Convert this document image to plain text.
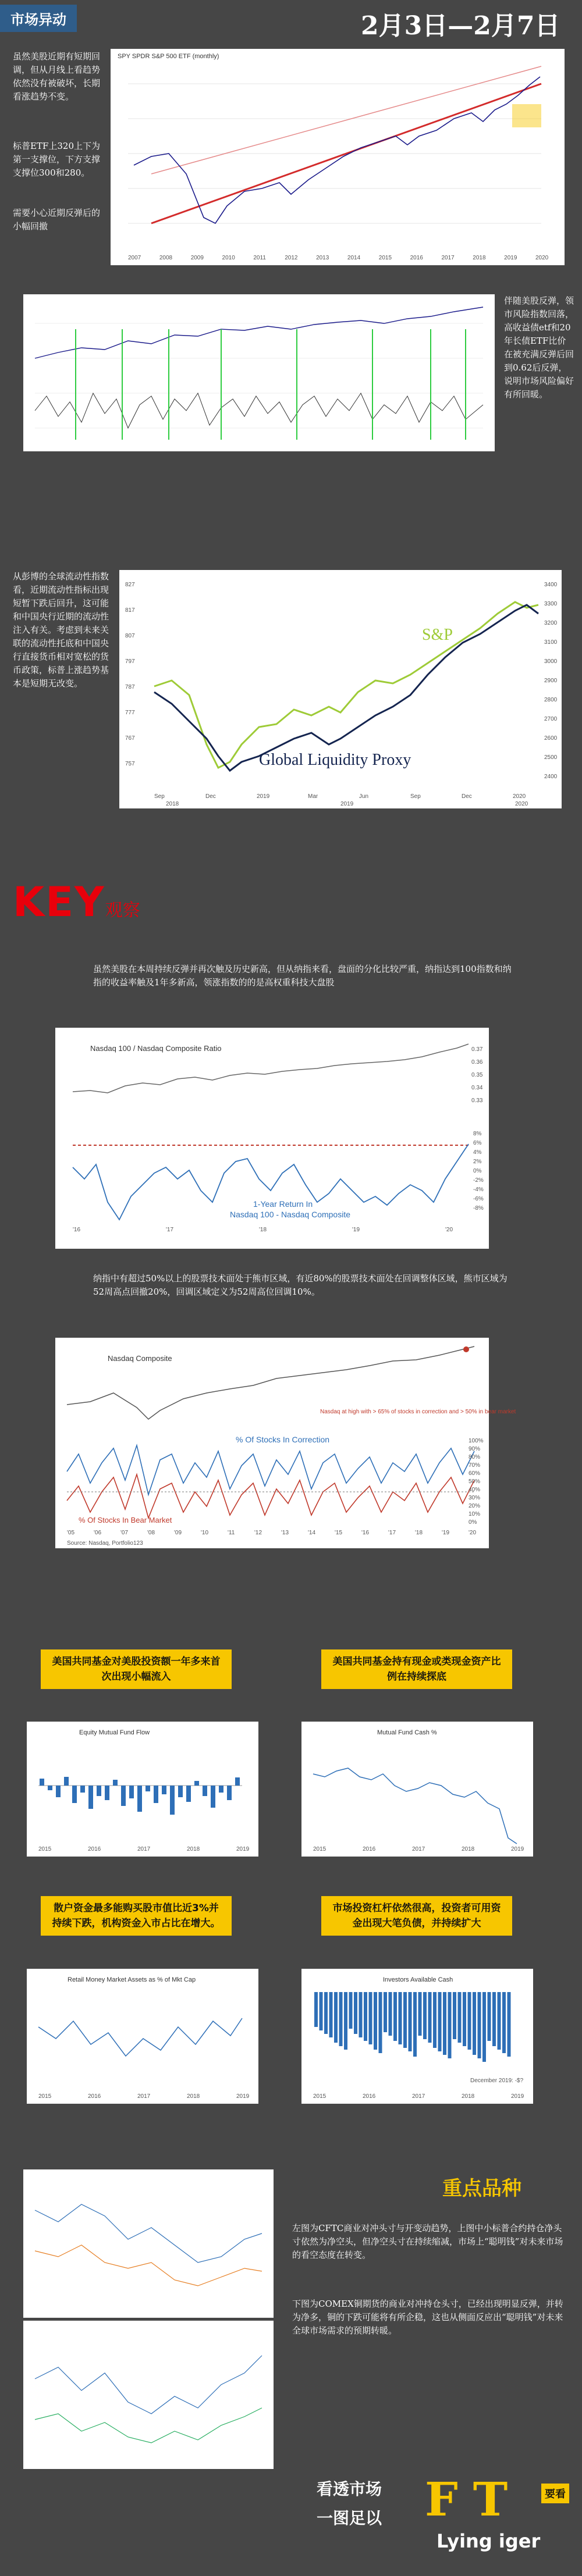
市场异动	2月3日—2月7日
虽然美股近期有短期回调，但从月线上看趋势依然没有被破坏，长期看涨趋势不变。
标普ETF上320上下为第一支撑位，下方支撑支撑位300和280。
需要小心近期反弹后的小幅回撤
SPY SPDR S&P 500 ETF (monthly)
2007	2008	2009	2010	2011	2012	2013	2014	2015	2016	2017	2018	2019	2020
伴随美股反弹，领市风险指数回落，高收益债etf和20年长债ETF比价在被充满反弹后回到0.62后反弹，说明市场风险偏好有所回暖。
从彭博的全球流动性指数看，近期流动性指标出现短暂下跌后回升，这可能和中国央行近期的流动性注入有关。考虑到未来关联的流动性托底和中国央行直接货币相对宽松的货币政策，标普上涨趋势基本是短期无改变。
827
817
807
797
787
777
767
757
3400
3300
3200
3100
3000
2900
2800
2700
2600
2500
2400
Sep	Dec	2019	Mar	Jun	Sep	Dec	2020
2018	2019	2020
S&P
Global Liquidity Proxy
KEY观察
虽然美股在本周持续反弹并再次触及历史新高，但从纳指来看，盘面的分化比较严重，纳指达到100指数和纳指的收益率触及1年多新高，领涨指数的的是高权重科技大盘股
Nasdaq 100 / Nasdaq Composite Ratio
1-Year Return In
Nasdaq 100 - Nasdaq Composite
'16	'17	'18	'19	'20
0.37
0.36
0.35
0.34
0.33
8%
6%
4%
2%
0%
-2%
-4%
-6%
-8%
纳指中有超过50%以上的股票技术面处于熊市区域，有近80%的股票技术面处在回调整体区域，熊市区域为52周高点回撤20%，回调区域定义为52周高位回调10%。
Nasdaq Composite
Nasdaq at high with > 65% of stocks in correction and > 50% in bear market
% Of Stocks In Correction
% Of Stocks In Bear Market
'05	'06	'07	'08	'09	'10	'11	'12	'13	'14	'15	'16	'17	'18	'19	'20
100%
90%
80%
70%
60%
50%
40%
30%
20%
10%
0%
Source: Nasdaq, Portfolio123
美国共同基金对美股投资额一年多来首次出现小幅流入
美国共同基金持有现金或类现金资产比例在持续探底
Equity Mutual Fund Flow
2015	2016	2017	2018	2019
Mutual Fund Cash %
2015	2016	2017	2018	2019
散户资金最多能购买股市值比近3%并持续下跌，机构资金入市占比在增大。
市场投资杠杆依然很高，投资者可用资金出现大笔负债，并持续扩大
Retail Money Market Assets as % of Mkt Cap
2015	2016	2017	2018	2019
Investors Available Cash
December 2019: -$?
2015	2016	2017	2018	2019
重点品种
左图为CFTC商业对冲头寸与开变动趋势，上图中小标普合约持仓净头寸依然为净空头，但净空头寸在持续缩减，市场上“聪明钱”对未来市场的看空态度在转变。
下图为COMEX铜期货的商业对冲持仓头寸，已经出现明显反弹，并转为净多，铜的下跌可能将有所企稳，这也从侧面反应出“聪明钱”对未来全球市场需求的预期转暖。
看透市场
一图足以 FT	要看
Lying iger
